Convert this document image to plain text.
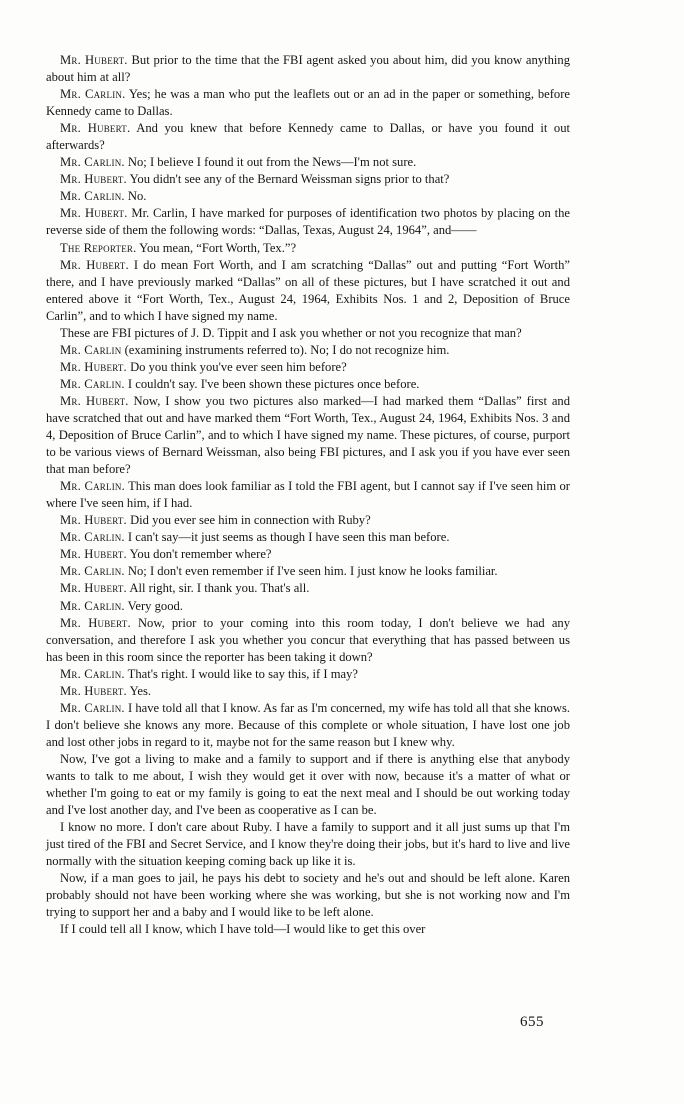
Mr. Hubert. But prior to the time that the FBI agent asked you about him, did you know anything about him at all?

Mr. Carlin. Yes; he was a man who put the leaflets out or an ad in the paper or something, before Kennedy came to Dallas.

Mr. Hubert. And you knew that before Kennedy came to Dallas, or have you found it out afterwards?

Mr. Carlin. No; I believe I found it out from the News—I'm not sure.

Mr. Hubert. You didn't see any of the Bernard Weissman signs prior to that?

Mr. Carlin. No.

Mr. Hubert. Mr. Carlin, I have marked for purposes of identification two photos by placing on the reverse side of them the following words: “Dallas, Texas, August 24, 1964”, and——

The Reporter. You mean, “Fort Worth, Tex.”?

Mr. Hubert. I do mean Fort Worth, and I am scratching “Dallas” out and putting “Fort Worth” there, and I have previously marked “Dallas” on all of these pictures, but I have scratched it out and entered above it “Fort Worth, Tex., August 24, 1964, Exhibits Nos. 1 and 2, Deposition of Bruce Carlin”, and to which I have signed my name.

These are FBI pictures of J. D. Tippit and I ask you whether or not you recognize that man?

Mr. Carlin (examining instruments referred to). No; I do not recognize him.

Mr. Hubert. Do you think you've ever seen him before?

Mr. Carlin. I couldn't say. I've been shown these pictures once before.

Mr. Hubert. Now, I show you two pictures also marked—I had marked them “Dallas” first and have scratched that out and have marked them “Fort Worth, Tex., August 24, 1964, Exhibits Nos. 3 and 4, Deposition of Bruce Carlin”, and to which I have signed my name. These pictures, of course, purport to be various views of Bernard Weissman, also being FBI pictures, and I ask you if you have ever seen that man before?

Mr. Carlin. This man does look familiar as I told the FBI agent, but I cannot say if I've seen him or where I've seen him, if I had.

Mr. Hubert. Did you ever see him in connection with Ruby?

Mr. Carlin. I can't say—it just seems as though I have seen this man before.

Mr. Hubert. You don't remember where?

Mr. Carlin. No; I don't even remember if I've seen him. I just know he looks familiar.

Mr. Hubert. All right, sir. I thank you. That's all.

Mr. Carlin. Very good.

Mr. Hubert. Now, prior to your coming into this room today, I don't believe we had any conversation, and therefore I ask you whether you concur that everything that has passed between us has been in this room since the reporter has been taking it down?

Mr. Carlin. That's right. I would like to say this, if I may?

Mr. Hubert. Yes.

Mr. Carlin. I have told all that I know. As far as I'm concerned, my wife has told all that she knows. I don't believe she knows any more. Because of this complete or whole situation, I have lost one job and lost other jobs in regard to it, maybe not for the same reason but I knew why.

Now, I've got a living to make and a family to support and if there is anything else that anybody wants to talk to me about, I wish they would get it over with now, because it's a matter of what or whether I'm going to eat or my family is going to eat the next meal and I should be out working today and I've lost another day, and I've been as cooperative as I can be.

I know no more. I don't care about Ruby. I have a family to support and it all just sums up that I'm just tired of the FBI and Secret Service, and I know they're doing their jobs, but it's hard to live and live normally with the situation keeping coming back up like it is.

Now, if a man goes to jail, he pays his debt to society and he's out and should be left alone. Karen probably should not have been working where she was working, but she is not working now and I'm trying to support her and a baby and I would like to be left alone.

If I could tell all I know, which I have told—I would like to get this over

655
